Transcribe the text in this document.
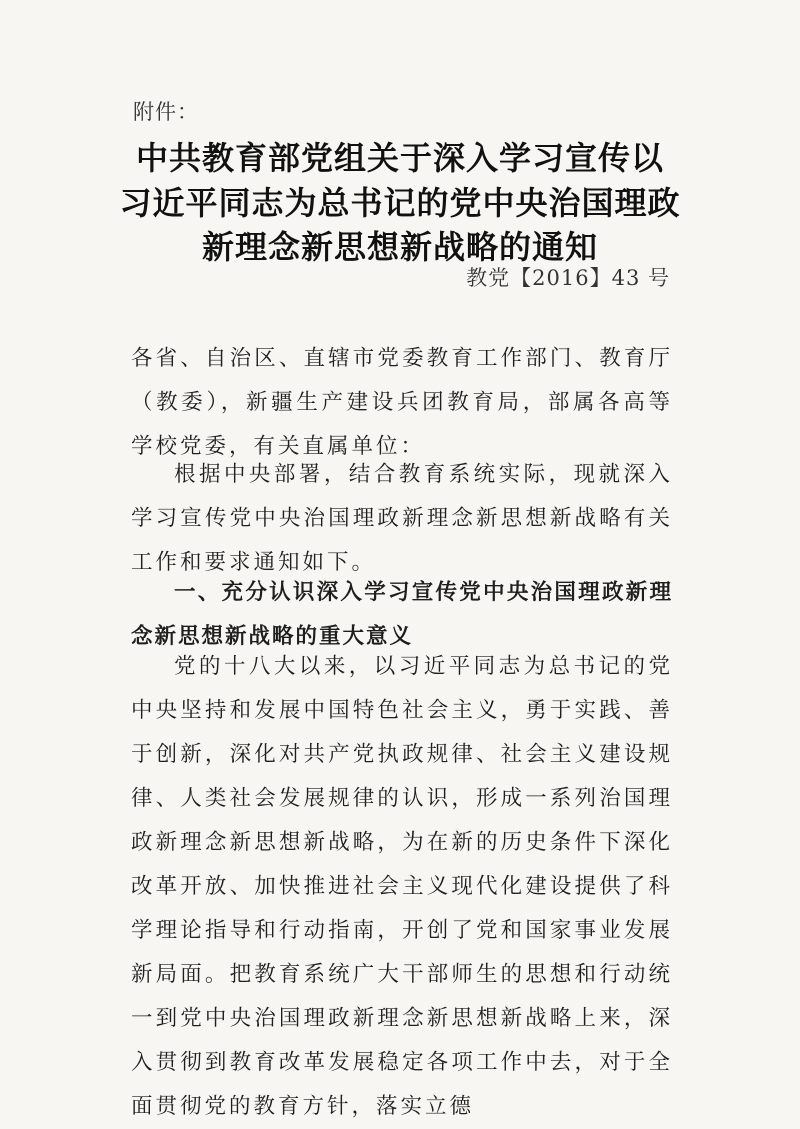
附件：
中共教育部党组关于深入学习宣传以
习近平同志为总书记的党中央治国理政
新理念新思想新战略的通知
教党【2016】43 号

各省、自治区、直辖市党委教育工作部门、教育厅（教委），新疆生产建设兵团教育局，部属各高等学校党委，有关直属单位：

根据中央部署，结合教育系统实际，现就深入学习宣传党中央治国理政新理念新思想新战略有关工作和要求通知如下。

一、充分认识深入学习宣传党中央治国理政新理念新思想新战略的重大意义

党的十八大以来，以习近平同志为总书记的党中央坚持和发展中国特色社会主义，勇于实践、善于创新，深化对共产党执政规律、社会主义建设规律、人类社会发展规律的认识，形成一系列治国理政新理念新思想新战略，为在新的历史条件下深化改革开放、加快推进社会主义现代化建设提供了科学理论指导和行动指南，开创了党和国家事业发展新局面。把教育系统广大干部师生的思想和行动统一到党中央治国理政新理念新思想新战略上来，深入贯彻到教育改革发展稳定各项工作中去，对于全面贯彻党的教育方针，落实立德
